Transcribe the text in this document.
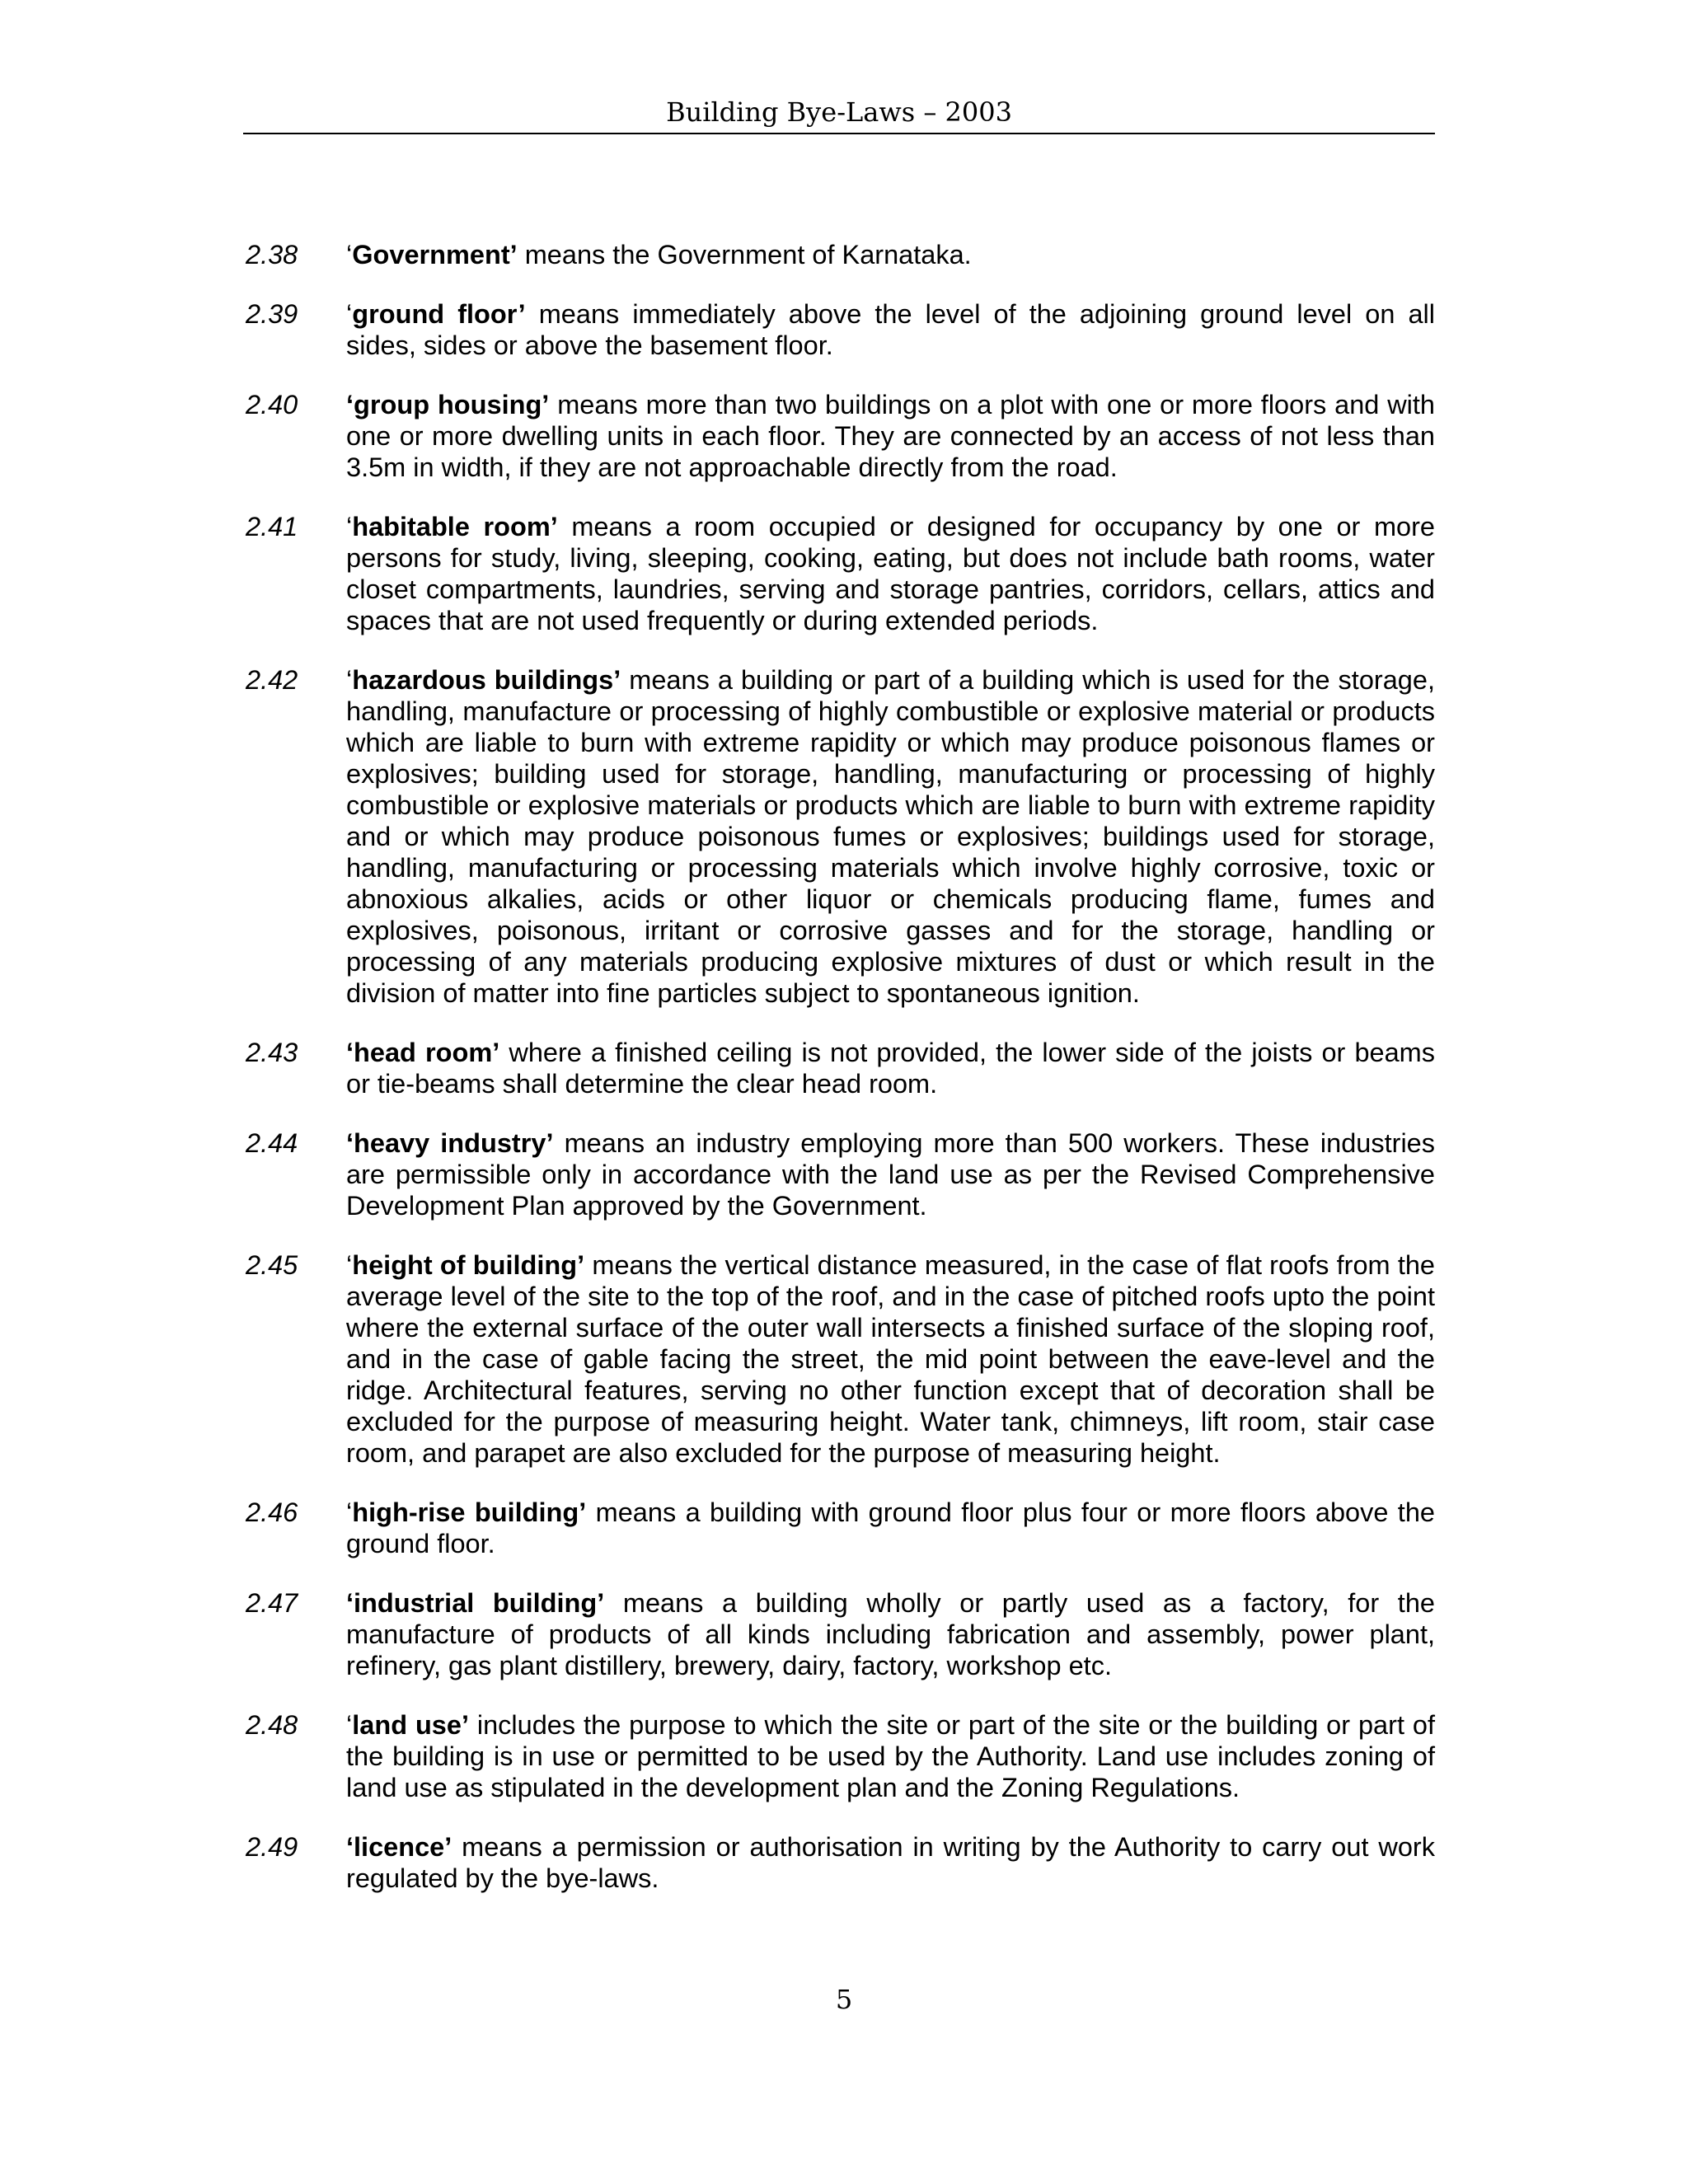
Building Bye-Laws – 2003
2.38	‘Government’ means the Government of Karnataka.
2.39	‘ground floor’ means immediately above the level of the adjoining ground level on all sides, sides or above the basement floor.
2.40	‘group housing’ means more than two buildings on a plot with one or more floors and with one or more dwelling units in each floor. They are connected by an access of not less than 3.5m in width, if they are not approachable directly from the road.
2.41	‘habitable room’ means a room occupied or designed for occupancy by one or more persons for study, living, sleeping, cooking, eating, but does not include bath rooms, water closet compartments, laundries, serving and storage pantries, corridors, cellars, attics and spaces that are not used frequently or during extended periods.
2.42	‘hazardous buildings’ means a building or part of a building which is used for the storage, handling, manufacture or processing of highly combustible or explosive material or products which are liable to burn with extreme rapidity or which may produce poisonous flames or explosives; building used for storage, handling, manufacturing or processing of highly combustible or explosive materials or products which are liable to burn with extreme rapidity and or which may produce poisonous fumes or explosives; buildings used for storage, handling, manufacturing or processing materials which involve highly corrosive, toxic or abnoxious alkalies, acids or other liquor or chemicals producing flame, fumes and explosives, poisonous, irritant or corrosive gasses and for the storage, handling or processing of any materials producing explosive mixtures of dust or which result in the division of matter into fine particles subject to spontaneous ignition.
2.43	‘head room’ where a finished ceiling is not provided, the lower side of the joists or beams or tie-beams shall determine the clear head room.
2.44	‘heavy industry’ means an industry employing more than 500 workers. These industries are permissible only in accordance with the land use as per the Revised Comprehensive Development Plan approved by the Government.
2.45	‘height of building’ means the vertical distance measured, in the case of flat roofs from the average level of the site to the top of the roof, and in the case of pitched roofs upto the point where the external surface of the outer wall intersects a finished surface of the sloping roof, and in the case of gable facing the street, the mid point between the eave-level and the ridge. Architectural features, serving no other function except that of decoration shall be excluded for the purpose of measuring height. Water tank, chimneys, lift room, stair case room, and parapet are also excluded for the purpose of measuring height.
2.46	‘high-rise building’ means a building with ground floor plus four or more floors above the ground floor.
2.47	‘industrial building’ means a building wholly or partly used as a factory, for the manufacture of products of all kinds including fabrication and assembly, power plant, refinery, gas plant distillery, brewery, dairy, factory, workshop etc.
2.48	‘land use’ includes the purpose to which the site or part of the site or the building or part of the building is in use or permitted to be used by the Authority. Land use includes zoning of land use as stipulated in the development plan and the Zoning Regulations.
2.49	‘licence’ means a permission or authorisation in writing by the Authority to carry out work regulated by the bye-laws.
5
